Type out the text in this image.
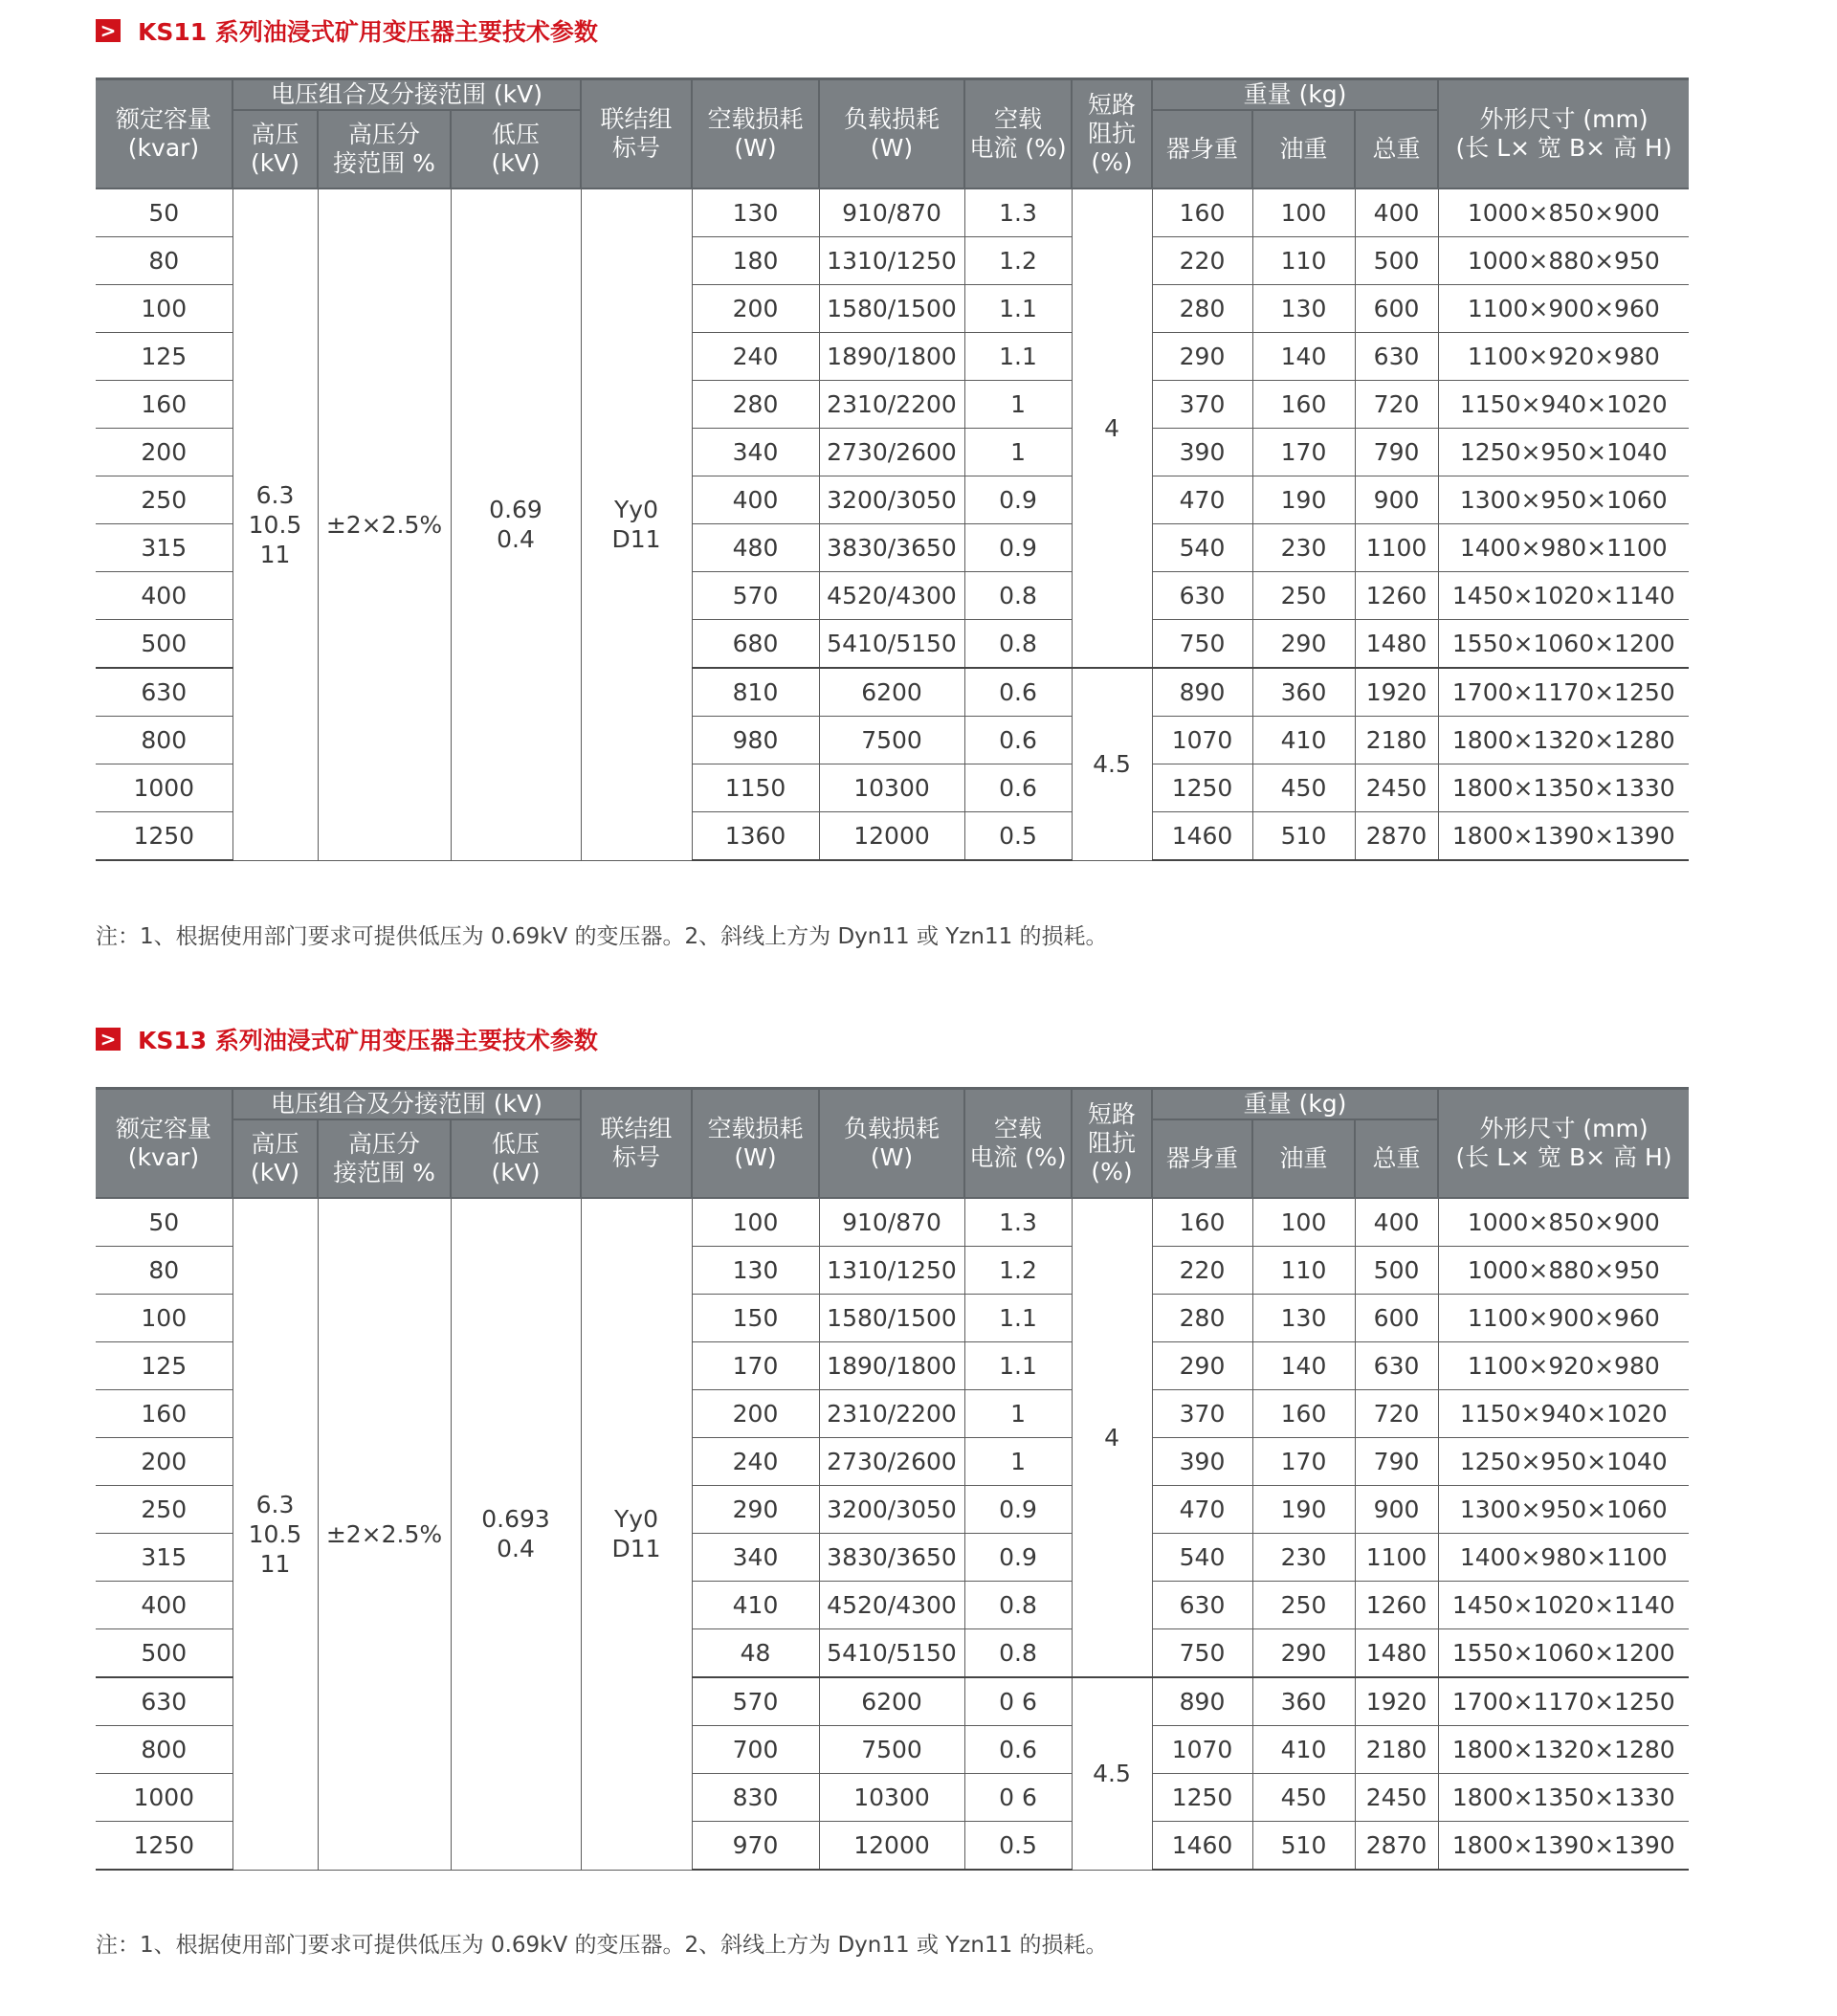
> KS11 系列油浸式矿用变压器主要技术参数
额定容量
(kvar)	电压组合及分接范围 (kV)			联结组
标号	空载损耗
(W)	负载损耗
(W)	空载
电流 (%)	短路
阻抗
(%)	重量 (kg)			外形尺寸 (mm)
(长 L× 宽 B× 高 H)
	高压
(kV)	高压分
接范围 %	低压
(kV)						器身重	油重	总重	
50	6.3
10.5
11	±2×2.5%	0.69
0.4	Yy0
D11	130	910/870	1.3	4	160	100	400	1000×850×900
80					180	1310/1250	1.2		220	110	500	1000×880×950
100					200	1580/1500	1.1		280	130	600	1100×900×960
125					240	1890/1800	1.1		290	140	630	1100×920×980
160					280	2310/2200	1		370	160	720	1150×940×1020
200					340	2730/2600	1		390	170	790	1250×950×1040
250					400	3200/3050	0.9		470	190	900	1300×950×1060
315					480	3830/3650	0.9		540	230	1100	1400×980×1100
400					570	4520/4300	0.8		630	250	1260	1450×1020×1140
500					680	5410/5150	0.8		750	290	1480	1550×1060×1200
630					810	6200	0.6	4.5	890	360	1920	1700×1170×1250
800					980	7500	0.6		1070	410	2180	1800×1320×1280
1000					1150	10300	0.6		1250	450	2450	1800×1350×1330
1250					1360	12000	0.5		1460	510	2870	1800×1390×1390
注：1、根据使用部门要求可提供低压为 0.69kV 的变压器。2、斜线上方为 Dyn11 或 Yzn11 的损耗。
> KS13 系列油浸式矿用变压器主要技术参数
额定容量
(kvar)	电压组合及分接范围 (kV)			联结组
标号	空载损耗
(W)	负载损耗
(W)	空载
电流 (%)	短路
阻抗
(%)	重量 (kg)			外形尺寸 (mm)
(长 L× 宽 B× 高 H)
	高压
(kV)	高压分
接范围 %	低压
(kV)						器身重	油重	总重	
50	6.3
10.5
11	±2×2.5%	0.693
0.4	Yy0
D11	100	910/870	1.3	4	160	100	400	1000×850×900
80					130	1310/1250	1.2		220	110	500	1000×880×950
100					150	1580/1500	1.1		280	130	600	1100×900×960
125					170	1890/1800	1.1		290	140	630	1100×920×980
160					200	2310/2200	1		370	160	720	1150×940×1020
200					240	2730/2600	1		390	170	790	1250×950×1040
250					290	3200/3050	0.9		470	190	900	1300×950×1060
315					340	3830/3650	0.9		540	230	1100	1400×980×1100
400					410	4520/4300	0.8		630	250	1260	1450×1020×1140
500					48	5410/5150	0.8		750	290	1480	1550×1060×1200
630					570	6200	0 6	4.5	890	360	1920	1700×1170×1250
800					700	7500	0.6		1070	410	2180	1800×1320×1280
1000					830	10300	0 6		1250	450	2450	1800×1350×1330
1250					970	12000	0.5		1460	510	2870	1800×1390×1390
注：1、根据使用部门要求可提供低压为 0.69kV 的变压器。2、斜线上方为 Dyn11 或 Yzn11 的损耗。
